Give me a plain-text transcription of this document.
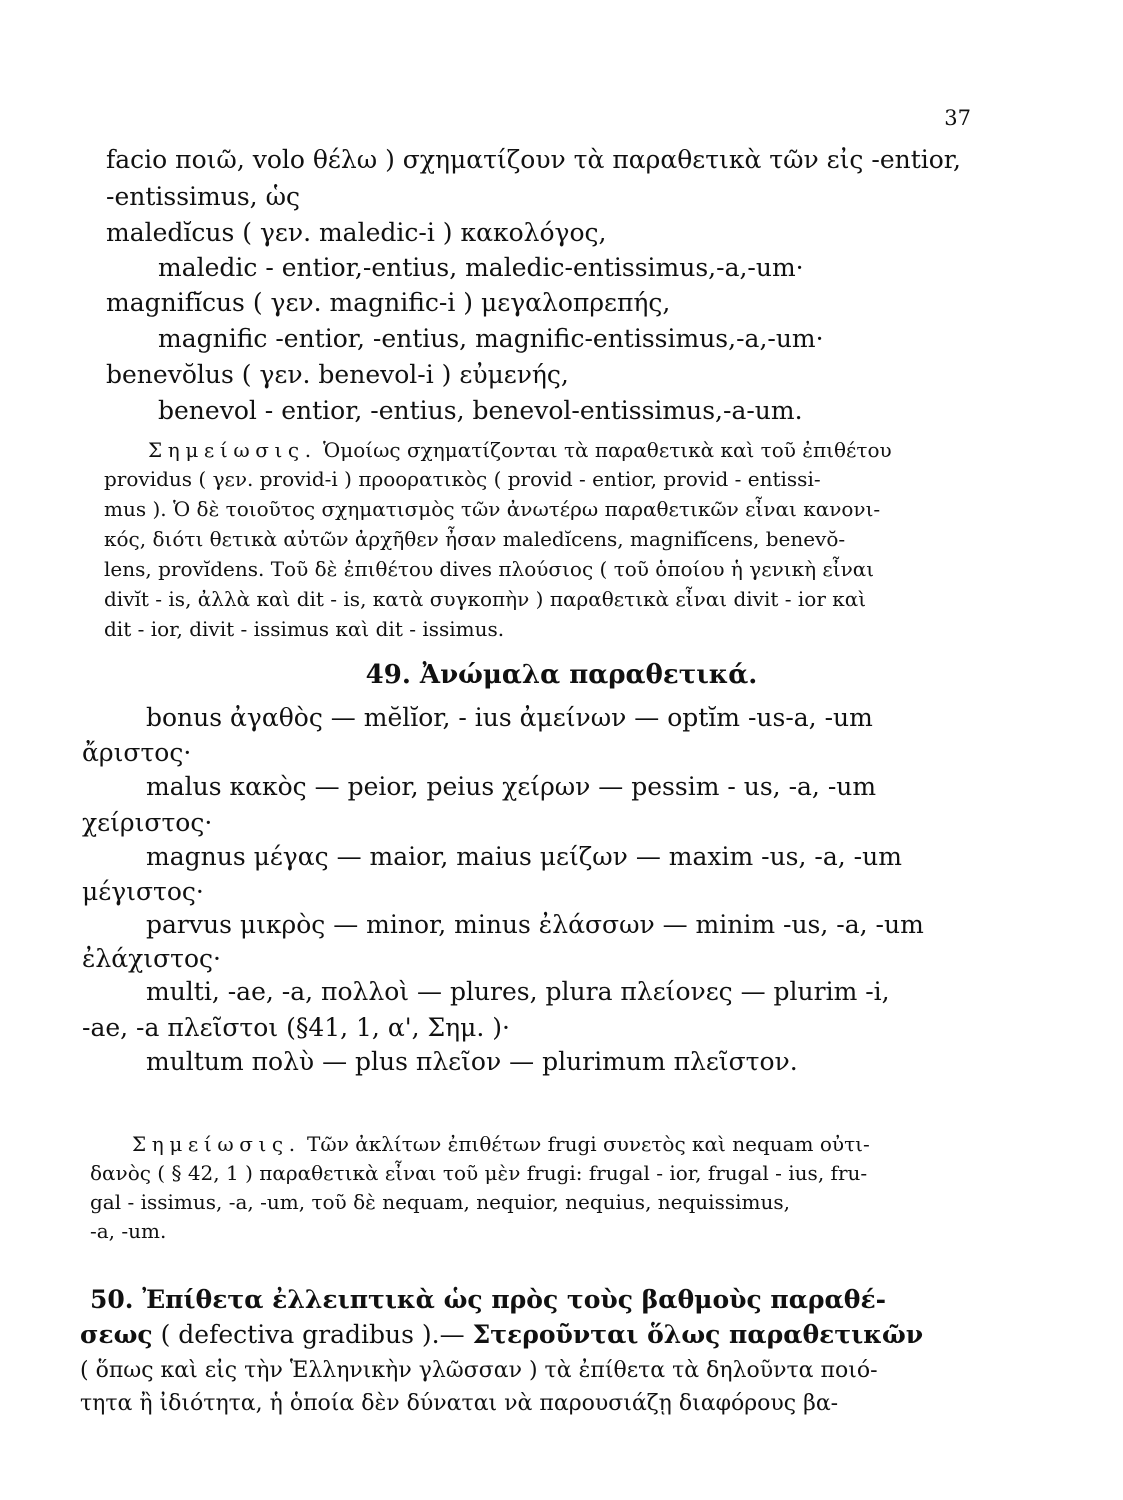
37
facio ποιῶ, volo θέλω ) σχηματίζουν τὰ παραθετικὰ τῶν εἰς -entior,
-entissimus, ὡς
maledĭcus ( γεν. maledic-i ) κακολόγος,
maledic - entior,-entius, maledic-entissimus,-a,-um·
magnifĭcus ( γεν. magnific-i ) μεγαλοπρεπής,
magnific -entior, -entius, magnific-entissimus,-a,-um·
benevŏlus ( γεν. benevol-i ) εὐμενής,
benevol - entior, -entius, benevol-entissimus,-a-um.
Σημείωσις. Ὁμοίως σχηματίζονται τὰ παραθετικὰ καὶ τοῦ ἐπιθέτου
providus ( γεν. provid-i ) προορατικὸς ( provid - entior, provid - entissi-
mus ). Ὁ δὲ τοιοῦτος σχηματισμὸς τῶν ἀνωτέρω παραθετικῶν εἶναι κανονι-
κός, διότι θετικὰ αὐτῶν ἀρχῆθεν ἦσαν maledĭcens, magnifĭcens, benevŏ-
lens, provĭdens. Τοῦ δὲ ἐπιθέτου dives πλούσιος ( τοῦ ὁποίου ἡ γενικὴ εἶναι
divĭt - is, ἀλλὰ καὶ dit - is, κατὰ συγκοπὴν ) παραθετικὰ εἶναι divit - ior καὶ
dit - ior, divit - issimus καὶ dit - issimus.
49. Ἀνώμαλα παραθετικά.
bonus ἀγαθὸς — mĕlĭor, - ius ἀμείνων — optĭm -us-a, -um
ἄριστος·
malus κακὸς — peior, peius χείρων — pessim - us, -a, -um
χείριστος·
magnus μέγας — maior, maius μείζων — maxim -us, -a, -um
μέγιστος·
parvus μικρὸς — minor, minus ἐλάσσων — minim -us, -a, -um
ἐλάχιστος·
multi, -ae, -a, πολλοὶ — plures, plura πλείονες — plurim -i,
-ae, -a πλεῖστοι (§41, 1, α', Σημ. )·
multum πολὺ — plus πλεῖον — plurimum πλεῖστον.
Σημείωσις. Τῶν ἀκλίτων ἐπιθέτων frugi συνετὸς καὶ nequam οὐτι-
δανὸς ( § 42, 1 ) παραθετικὰ εἶναι τοῦ μὲν frugi: frugal - ior, frugal - ius, fru-
gal - issimus, -a, -um, τοῦ δὲ nequam, nequior, nequius, nequissimus,
-a, -um.
50. Ἐπίθετα ἐλλειπτικὰ ὡς πρὸς τοὺς βαθμοὺς παραθέ-
σεως ( defectiva gradibus ).— Στεροῦνται ὅλως παραθετικῶν
( ὅπως καὶ εἰς τὴν Ἑλληνικὴν γλῶσσαν ) τὰ ἐπίθετα τὰ δηλοῦντα ποιό-
τητα ἢ ἰδιότητα, ἡ ὁποία δὲν δύναται νὰ παρουσιάζῃ διαφόρους βα-
